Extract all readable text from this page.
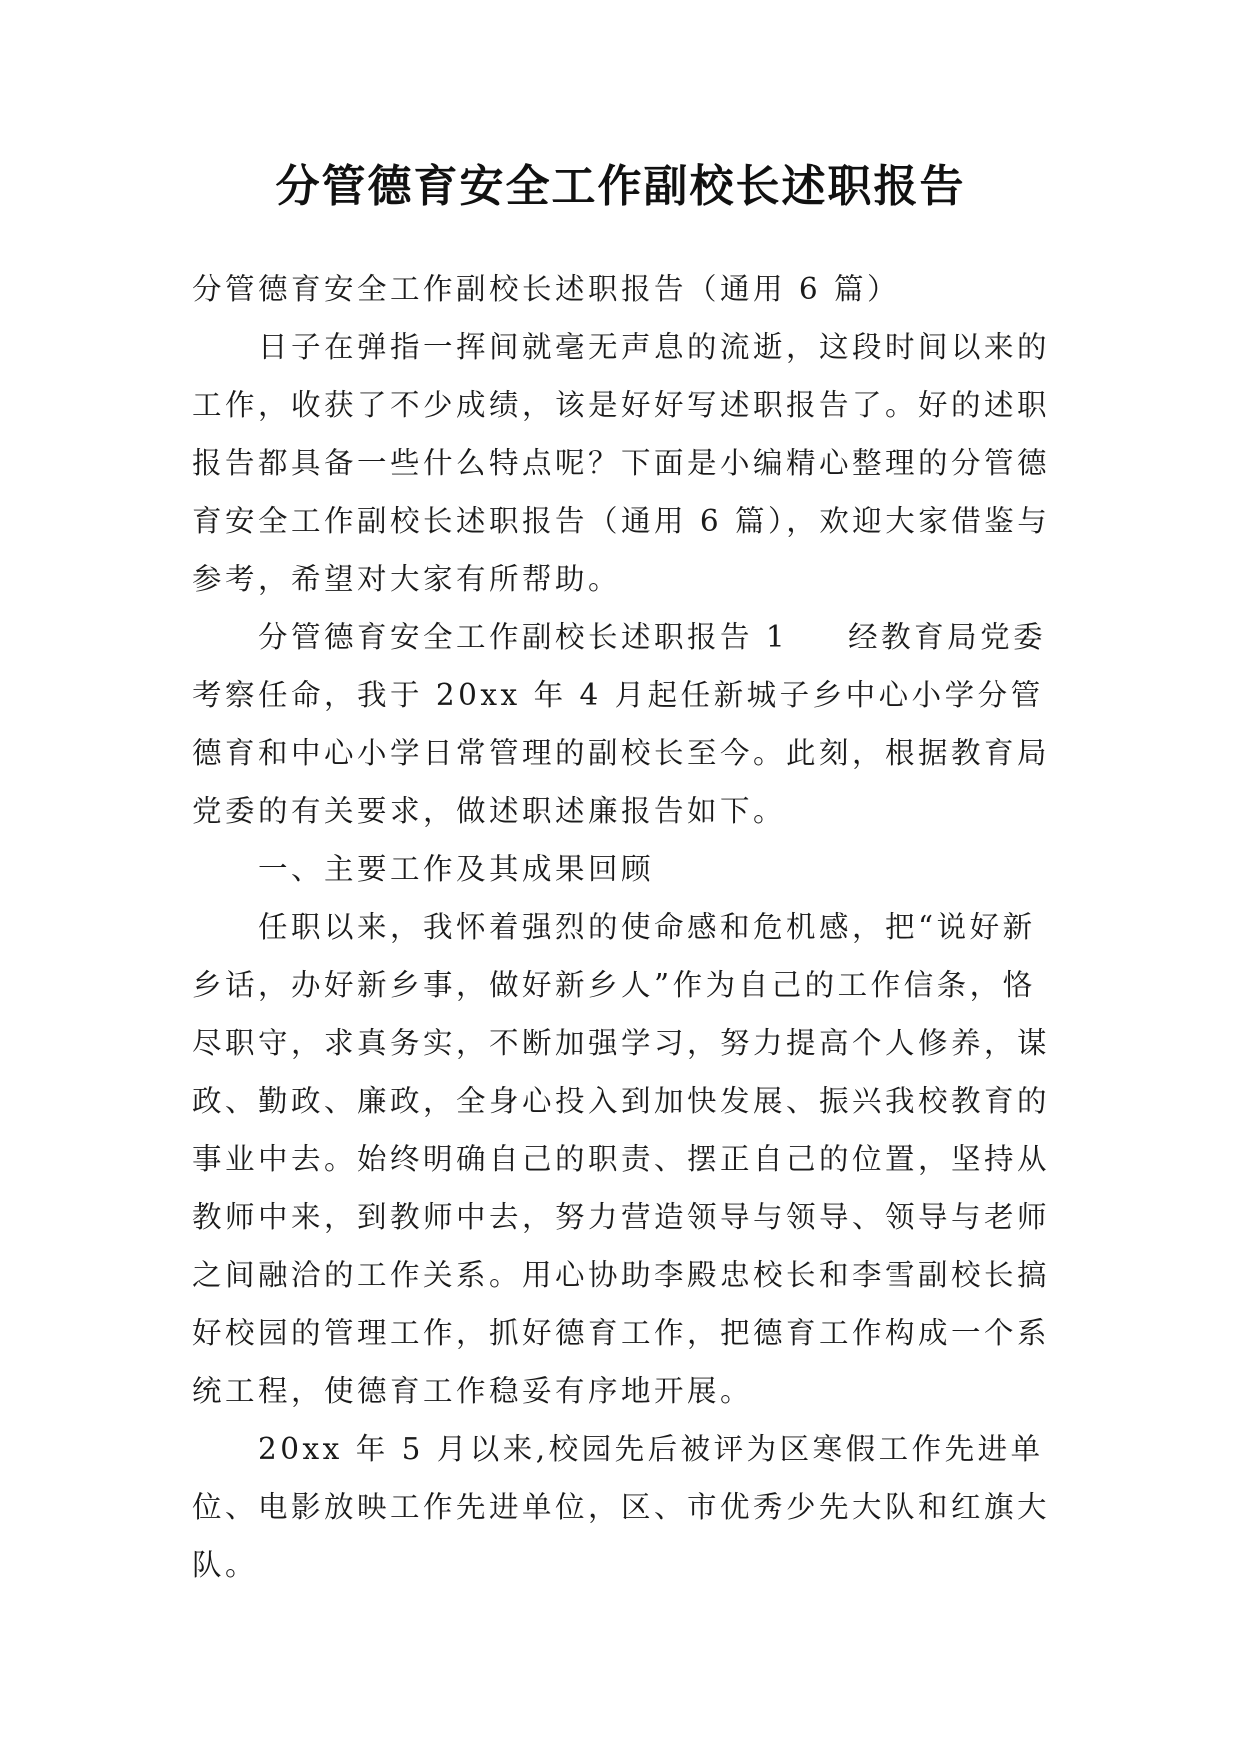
分管德育安全工作副校长述职报告

分管德育安全工作副校长述职报告（通用 6 篇）

日子在弹指一挥间就毫无声息的流逝，这段时间以来的工作，收获了不少成绩，该是好好写述职报告了。好的述职报告都具备一些什么特点呢？下面是小编精心整理的分管德育安全工作副校长述职报告（通用 6 篇），欢迎大家借鉴与参考，希望对大家有所帮助。

分管德育安全工作副校长述职报告 1 经教育局党委考察任命，我于 20xx 年 4 月起任新城子乡中心小学分管德育和中心小学日常管理的副校长至今。此刻，根据教育局党委的有关要求，做述职述廉报告如下。

一、主要工作及其成果回顾

任职以来，我怀着强烈的使命感和危机感，把“说好新乡话，办好新乡事，做好新乡人”作为自己的工作信条，恪尽职守，求真务实，不断加强学习，努力提高个人修养，谋政、勤政、廉政，全身心投入到加快发展、振兴我校教育的事业中去。始终明确自己的职责、摆正自己的位置，坚持从教师中来，到教师中去，努力营造领导与领导、领导与老师之间融洽的工作关系。用心协助李殿忠校长和李雪副校长搞好校园的管理工作，抓好德育工作，把德育工作构成一个系统工程，使德育工作稳妥有序地开展。

20xx 年 5 月以来,校园先后被评为区寒假工作先进单位、电影放映工作先进单位，区、市优秀少先大队和红旗大队。
